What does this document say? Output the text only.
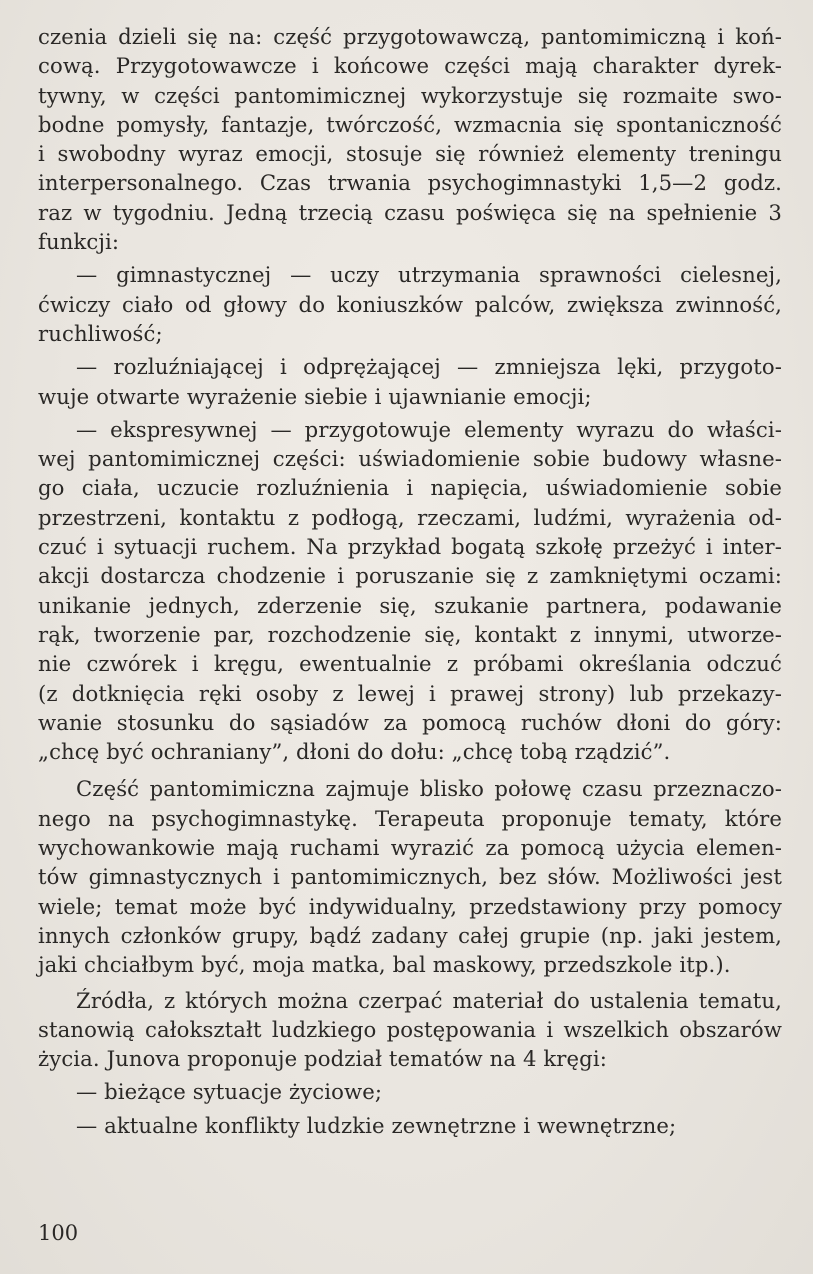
czenia dzieli się na: część przygotowawczą, pantomimiczną i koń-
cową. Przygotowawcze i końcowe części mają charakter dyrek-
tywny, w części pantomimicznej wykorzystuje się rozmaite swo-
bodne pomysły, fantazje, twórczość, wzmacnia się spontaniczność
i swobodny wyraz emocji, stosuje się również elementy treningu
interpersonalnego. Czas trwania psychogimnastyki 1,5—2 godz.
raz w tygodniu. Jedną trzecią czasu poświęca się na spełnienie 3
funkcji:
— gimnastycznej — uczy utrzymania sprawności cielesnej,
ćwiczy ciało od głowy do koniuszków palców, zwiększa zwinność,
ruchliwość;
— rozluźniającej i odprężającej — zmniejsza lęki, przygoto-
wuje otwarte wyrażenie siebie i ujawnianie emocji;
— ekspresywnej — przygotowuje elementy wyrazu do właści-
wej pantomimicznej części: uświadomienie sobie budowy własne-
go ciała, uczucie rozluźnienia i napięcia, uświadomienie sobie
przestrzeni, kontaktu z podłogą, rzeczami, ludźmi, wyrażenia od-
czuć i sytuacji ruchem. Na przykład bogatą szkołę przeżyć i inter-
akcji dostarcza chodzenie i poruszanie się z zamkniętymi oczami:
unikanie jednych, zderzenie się, szukanie partnera, podawanie
rąk, tworzenie par, rozchodzenie się, kontakt z innymi, utworze-
nie czwórek i kręgu, ewentualnie z próbami określania odczuć
(z dotknięcia ręki osoby z lewej i prawej strony) lub przekazy-
wanie stosunku do sąsiadów za pomocą ruchów dłoni do góry:
„chcę być ochraniany”, dłoni do dołu: „chcę tobą rządzić”.
Część pantomimiczna zajmuje blisko połowę czasu przeznaczo-
nego na psychogimnastykę. Terapeuta proponuje tematy, które
wychowankowie mają ruchami wyrazić za pomocą użycia elemen-
tów gimnastycznych i pantomimicznych, bez słów. Możliwości jest
wiele; temat może być indywidualny, przedstawiony przy pomocy
innych członków grupy, bądź zadany całej grupie (np. jaki jestem,
jaki chciałbym być, moja matka, bal maskowy, przedszkole itp.).
Źródła, z których można czerpać materiał do ustalenia tematu,
stanowią całokształt ludzkiego postępowania i wszelkich obszarów
życia. Junova proponuje podział tematów na 4 kręgi:
— bieżące sytuacje życiowe;
— aktualne konflikty ludzkie zewnętrzne i wewnętrzne;
100
